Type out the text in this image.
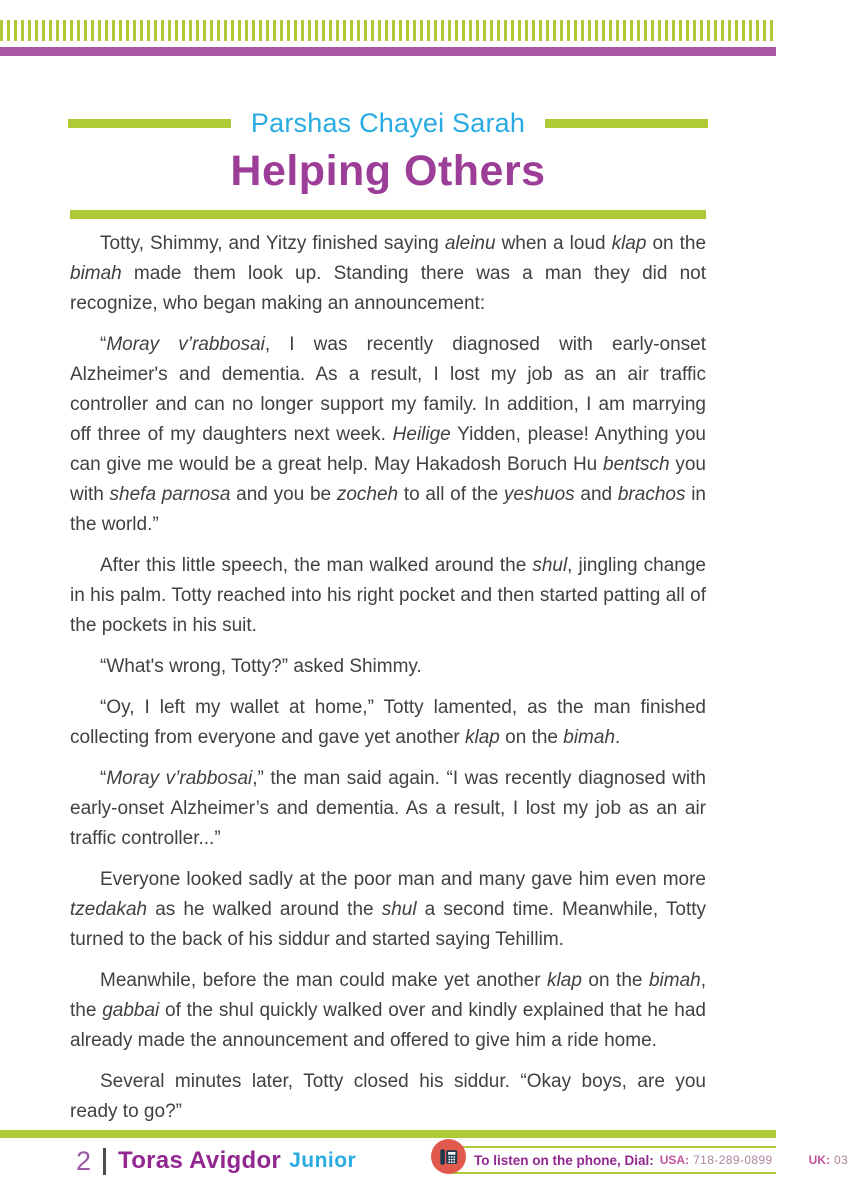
Parshas Chayei Sarah
Helping Others

Totty, Shimmy, and Yitzy finished saying aleinu when a loud klap on the bimah made them look up. Standing there was a man they did not recognize, who began making an announcement:

“Moray v’rabbosai, I was recently diagnosed with early-onset Alzheimer's and dementia. As a result, I lost my job as an air traffic controller and can no longer support my family. In addition, I am marrying off three of my daughters next week. Heilige Yidden, please! Anything you can give me would be a great help. May Hakadosh Boruch Hu bentsch you with shefa parnosa and you be zocheh to all of the yeshuos and brachos in the world.”

After this little speech, the man walked around the shul, jingling change in his palm. Totty reached into his right pocket and then started patting all of the pockets in his suit.

“What's wrong, Totty?” asked Shimmy.

“Oy, I left my wallet at home,” Totty lamented, as the man finished collecting from everyone and gave yet another klap on the bimah.

“Moray v’rabbosai,” the man said again. “I was recently diagnosed with early-onset Alzheimer’s and dementia. As a result, I lost my job as an air traffic controller...”

Everyone looked sadly at the poor man and many gave him even more tzedakah as he walked around the shul a second time. Meanwhile, Totty turned to the back of his siddur and started saying Tehillim.

Meanwhile, before the man could make yet another klap on the bimah, the gabbai of the shul quickly walked over and kindly explained that he had already made the announcement and offered to give him a ride home.

Several minutes later, Totty closed his siddur. “Okay boys, are you ready to go?”

2 Toras Avigdor Junior	To listen on the phone, Dial: USA: 718-289-0899	UK: 03
